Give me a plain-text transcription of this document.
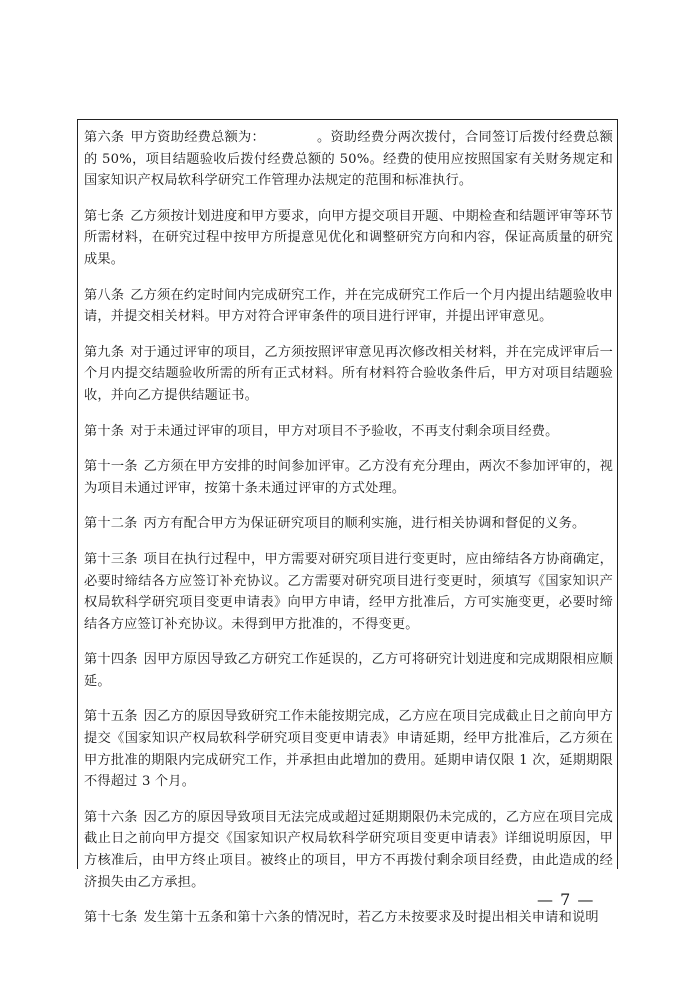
第六条 甲方资助经费总额为：	。资助经费分两次拨付，合同签订后拨付经费总额的 50%，项目结题验收后拨付经费总额的 50%。经费的使用应按照国家有关财务规定和国家知识产权局软科学研究工作管理办法规定的范围和标准执行。

第七条 乙方须按计划进度和甲方要求，向甲方提交项目开题、中期检查和结题评审等环节所需材料，在研究过程中按甲方所提意见优化和调整研究方向和内容，保证高质量的研究成果。

第八条 乙方须在约定时间内完成研究工作，并在完成研究工作后一个月内提出结题验收申请，并提交相关材料。甲方对符合评审条件的项目进行评审，并提出评审意见。

第九条 对于通过评审的项目，乙方须按照评审意见再次修改相关材料，并在完成评审后一个月内提交结题验收所需的所有正式材料。所有材料符合验收条件后，甲方对项目结题验收，并向乙方提供结题证书。

第十条 对于未通过评审的项目，甲方对项目不予验收，不再支付剩余项目经费。

第十一条 乙方须在甲方安排的时间参加评审。乙方没有充分理由，两次不参加评审的，视为项目未通过评审，按第十条未通过评审的方式处理。

第十二条 丙方有配合甲方为保证研究项目的顺利实施，进行相关协调和督促的义务。

第十三条 项目在执行过程中，甲方需要对研究项目进行变更时，应由缔结各方协商确定，必要时缔结各方应签订补充协议。乙方需要对研究项目进行变更时，须填写《国家知识产权局软科学研究项目变更申请表》向甲方申请，经甲方批准后，方可实施变更，必要时缔结各方应签订补充协议。未得到甲方批准的，不得变更。

第十四条 因甲方原因导致乙方研究工作延误的，乙方可将研究计划进度和完成期限相应顺延。

第十五条 因乙方的原因导致研究工作未能按期完成，乙方应在项目完成截止日之前向甲方提交《国家知识产权局软科学研究项目变更申请表》申请延期，经甲方批准后，乙方须在甲方批准的期限内完成研究工作，并承担由此增加的费用。延期申请仅限 1 次，延期期限不得超过 3 个月。

第十六条 因乙方的原因导致项目无法完成或超过延期期限仍未完成的，乙方应在项目完成截止日之前向甲方提交《国家知识产权局软科学研究项目变更申请表》详细说明原因，甲方核准后，由甲方终止项目。被终止的项目，甲方不再拨付剩余项目经费，由此造成的经济损失由乙方承担。

第十七条 发生第十五条和第十六条的情况时，若乙方未按要求及时提出相关申请和说明

— 7 —
